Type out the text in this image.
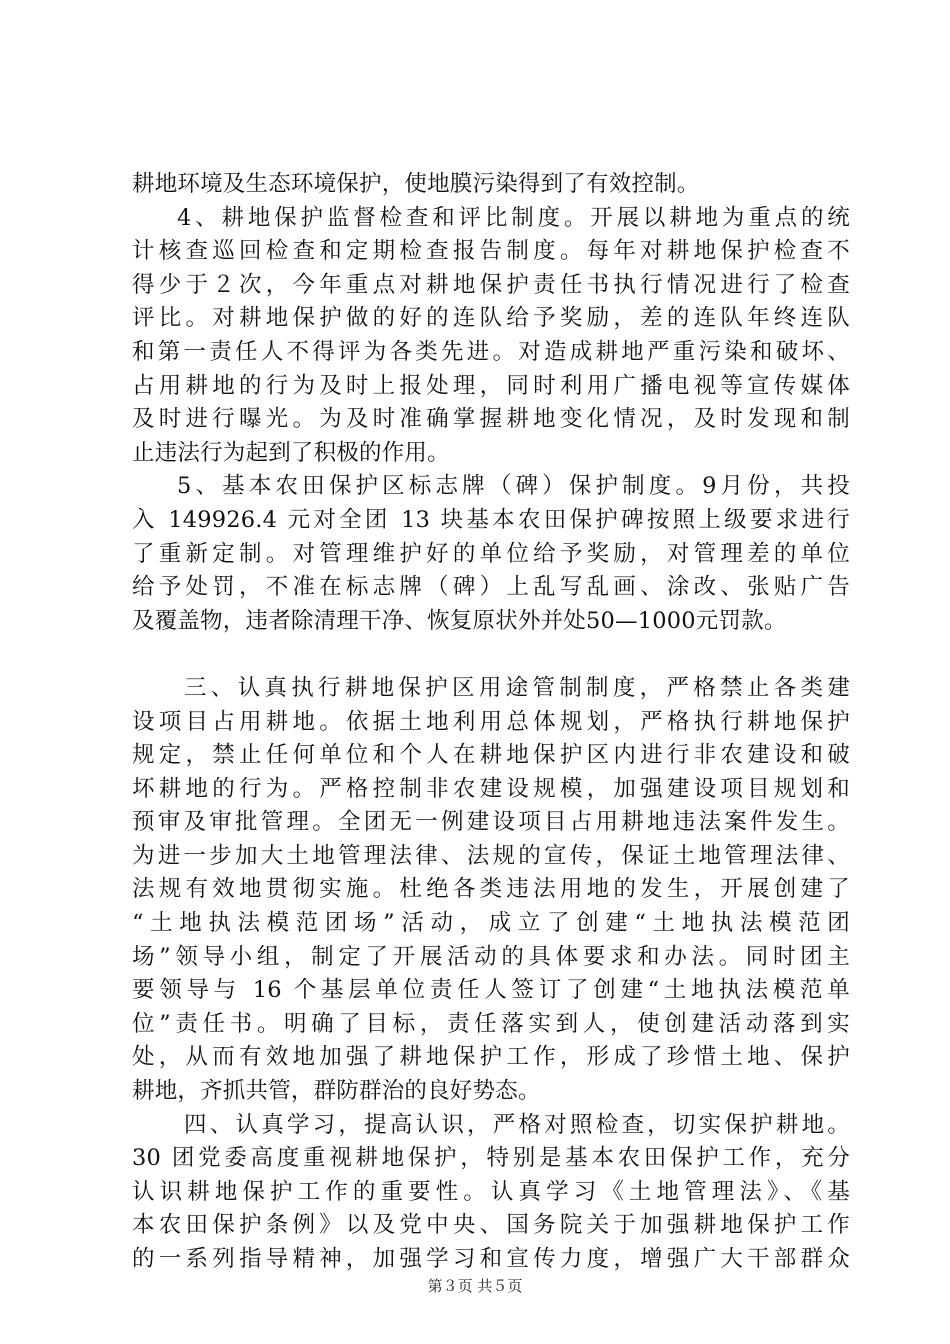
耕地环境及生态环境保护，使地膜污染得到了有效控制。
4、耕地保护监督检查和评比制度。开展以耕地为重点的统
计核查巡回检查和定期检查报告制度。每年对耕地保护检查不
得少于２次，今年重点对耕地保护责任书执行情况进行了检查
评比。对耕地保护做的好的连队给予奖励，差的连队年终连队
和第一责任人不得评为各类先进。对造成耕地严重污染和破坏、
占用耕地的行为及时上报处理，同时利用广播电视等宣传媒体
及时进行曝光。为及时准确掌握耕地变化情况，及时发现和制
止违法行为起到了积极的作用。
5、基本农田保护区标志牌（碑）保护制度。9月份，共投
入 149926.4 元对全团 13 块基本农田保护碑按照上级要求进行
了重新定制。对管理维护好的单位给予奖励，对管理差的单位
给予处罚，不准在标志牌（碑）上乱写乱画、涂改、张贴广告
及覆盖物，违者除清理干净、恢复原状外并处50—1000元罚款。
三、认真执行耕地保护区用途管制制度，严格禁止各类建
设项目占用耕地。依据土地利用总体规划，严格执行耕地保护
规定，禁止任何单位和个人在耕地保护区内进行非农建设和破
坏耕地的行为。严格控制非农建设规模，加强建设项目规划和
预审及审批管理。全团无一例建设项目占用耕地违法案件发生。
为进一步加大土地管理法律、法规的宣传，保证土地管理法律、
法规有效地贯彻实施。杜绝各类违法用地的发生，开展创建了
“土地执法模范团场”活动，成立了创建“土地执法模范团
场”领导小组，制定了开展活动的具体要求和办法。同时团主
要领导与 16 个基层单位责任人签订了创建“土地执法模范单
位”责任书。明确了目标，责任落实到人，使创建活动落到实
处，从而有效地加强了耕地保护工作，形成了珍惜土地、保护
耕地，齐抓共管，群防群治的良好势态。
四、认真学习，提高认识，严格对照检查，切实保护耕地。
30 团党委高度重视耕地保护，特别是基本农田保护工作，充分
认识耕地保护工作的重要性。认真学习《土地管理法》、《基
本农田保护条例》以及党中央、国务院关于加强耕地保护工作
的一系列指导精神，加强学习和宣传力度，增强广大干部群众
第３页 共５页
